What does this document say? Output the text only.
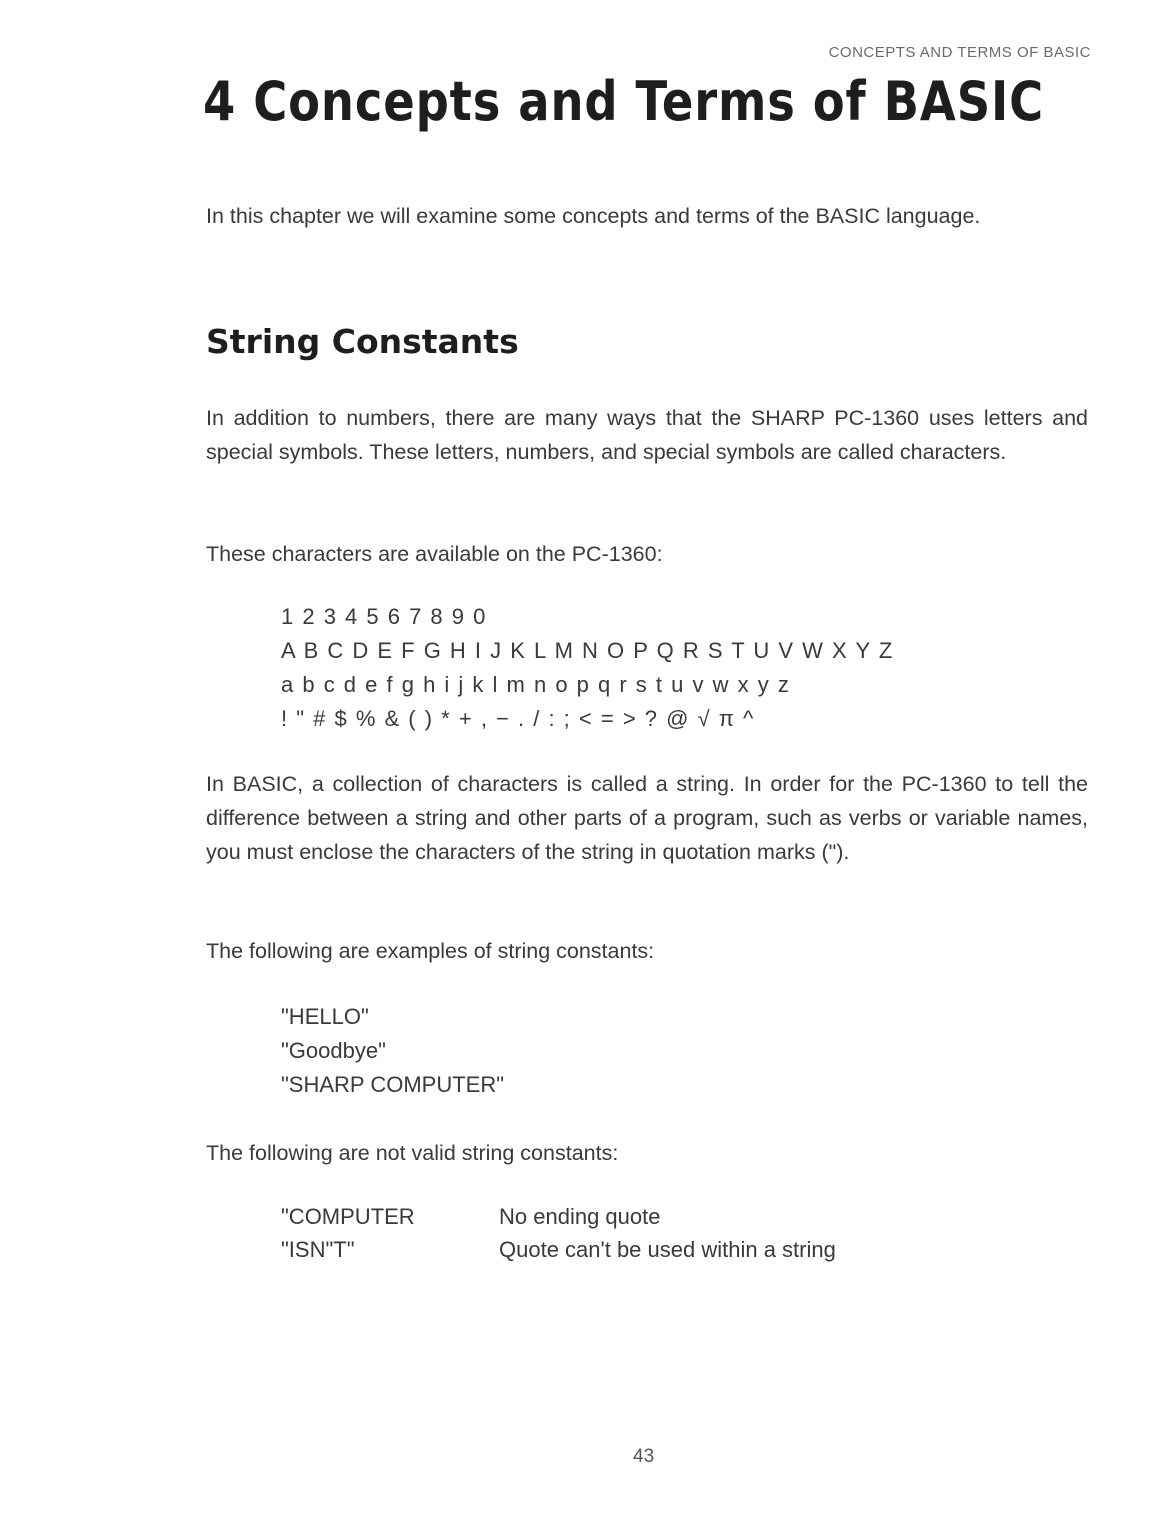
CONCEPTS AND TERMS OF BASIC
4 Concepts and Terms of BASIC

In this chapter we will examine some concepts and terms of the BASIC language.

String Constants

In addition to numbers, there are many ways that the SHARP PC-1360 uses letters and special symbols. These letters, numbers, and special symbols are called characters.

These characters are available on the PC-1360:

1 2 3 4 5 6 7 8 9 0
A B C D E F G H I J K L M N O P Q R S T U V W X Y Z
a b c d e f g h i j k l m n o p q r s t u v w x y z
! " # $ % & ( ) * + , − . / : ; < = > ? @ √ π ^

In BASIC, a collection of characters is called a string. In order for the PC-1360 to tell the difference between a string and other parts of a program, such as verbs or variable names, you must enclose the characters of the string in quotation marks (").

The following are examples of string constants:

"HELLO"
"Goodbye"
"SHARP COMPUTER"

The following are not valid string constants:

"COMPUTER	No ending quote
"ISN"T"	Quote can't be used within a string
43
